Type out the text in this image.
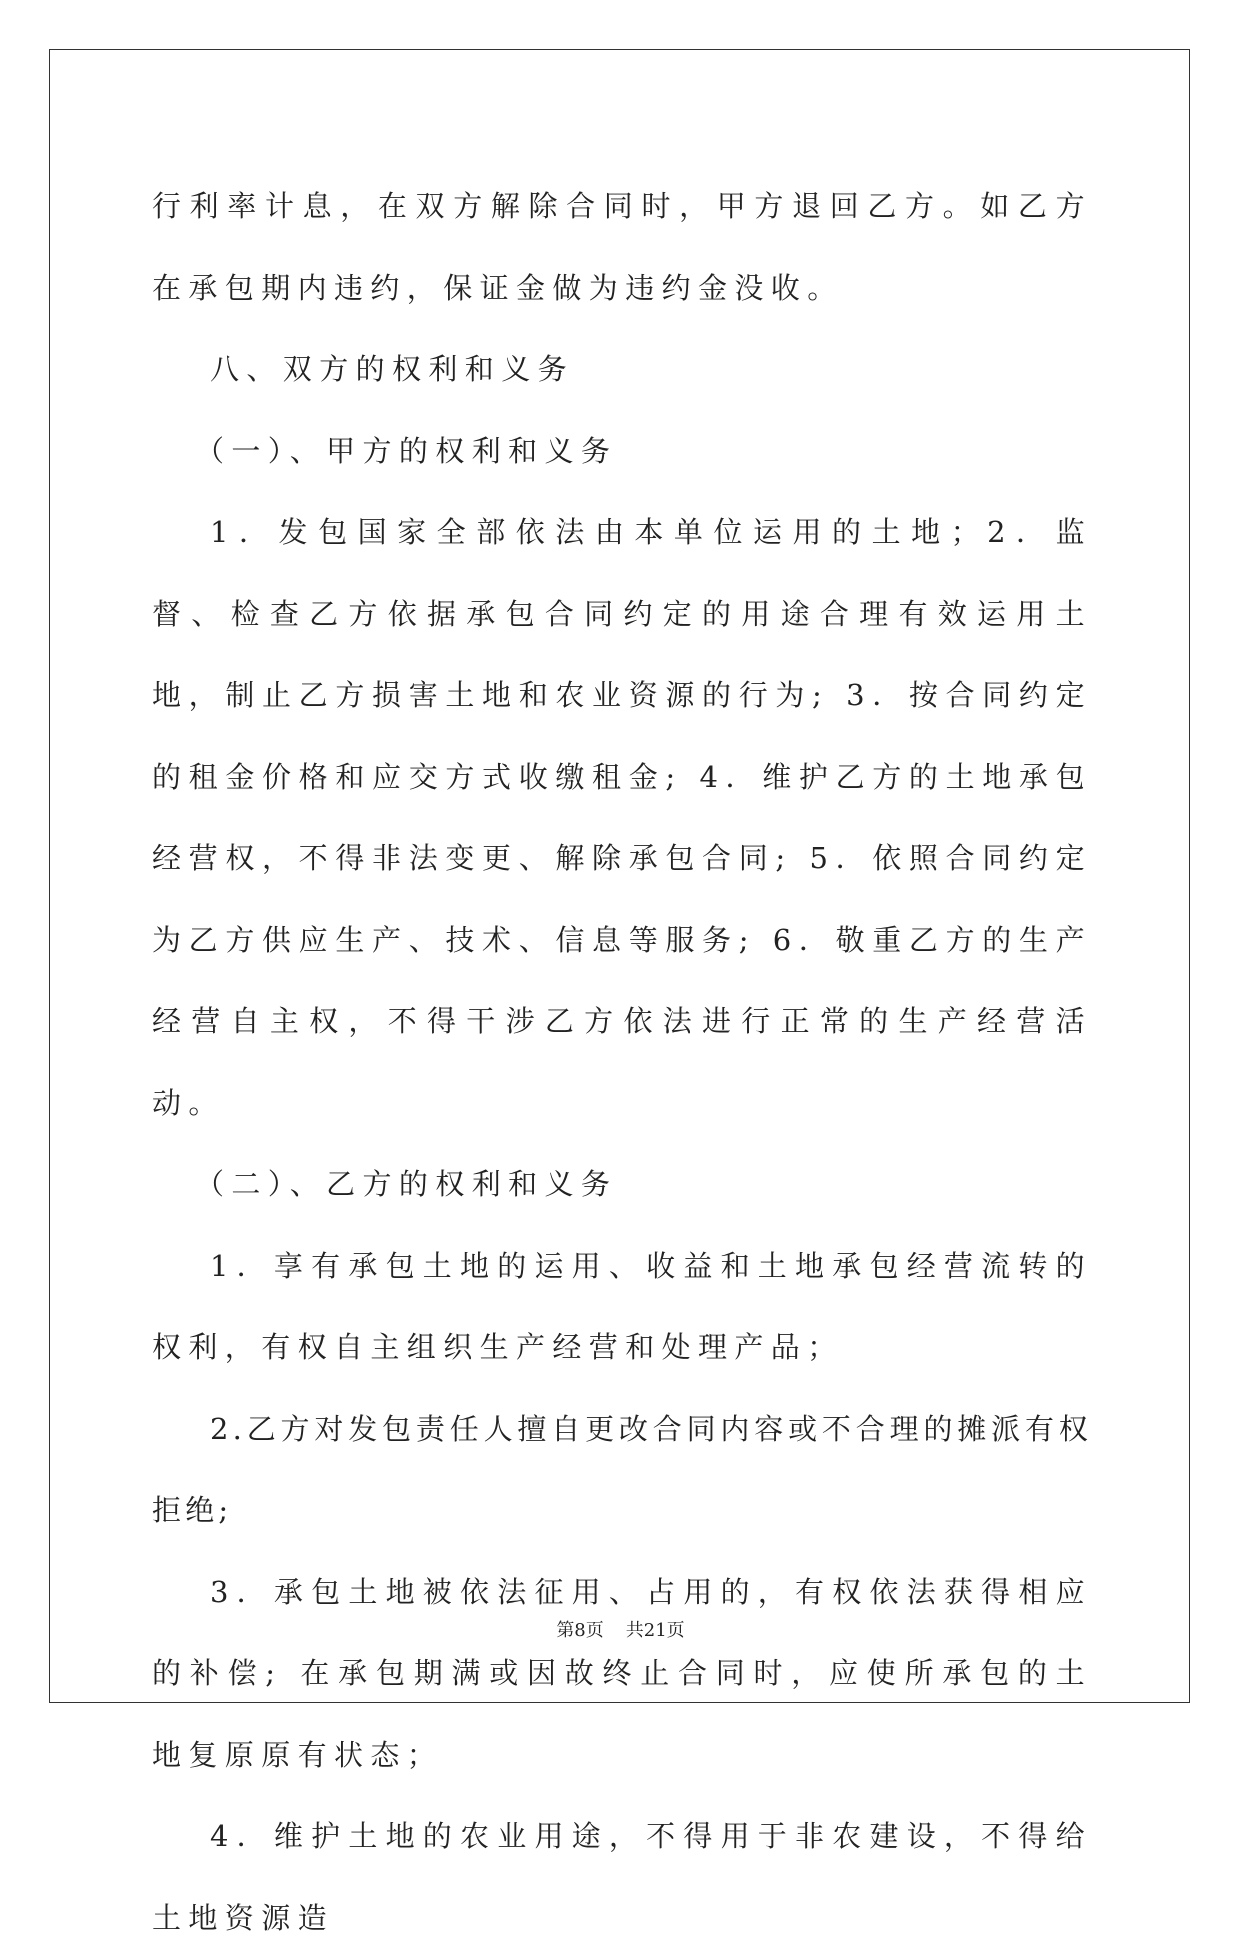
行利率计息，在双方解除合同时，甲方退回乙方。如乙方在承包期内违约，保证金做为违约金没收。

八、双方的权利和义务

（一）、甲方的权利和义务

1．发包国家全部依法由本单位运用的土地；2．监督、检查乙方依据承包合同约定的用途合理有效运用土地，制止乙方损害土地和农业资源的行为; 3．按合同约定的租金价格和应交方式收缴租金; 4．维护乙方的土地承包经营权，不得非法变更、解除承包合同; 5．依照合同约定为乙方供应生产、技术、信息等服务; 6．敬重乙方的生产经营自主权，不得干涉乙方依法进行正常的生产经营活动。

（二）、乙方的权利和义务

1．享有承包土地的运用、收益和土地承包经营流转的权利，有权自主组织生产经营和处理产品；

2.乙方对发包责任人擅自更改合同内容或不合理的摊派有权拒绝;

3．承包土地被依法征用、占用的，有权依法获得相应的补偿; 在承包期满或因故终止合同时，应使所承包的土地复原原有状态；

4．维护土地的农业用途，不得用于非农建设，不得给土地资源造

第8页 共21页
